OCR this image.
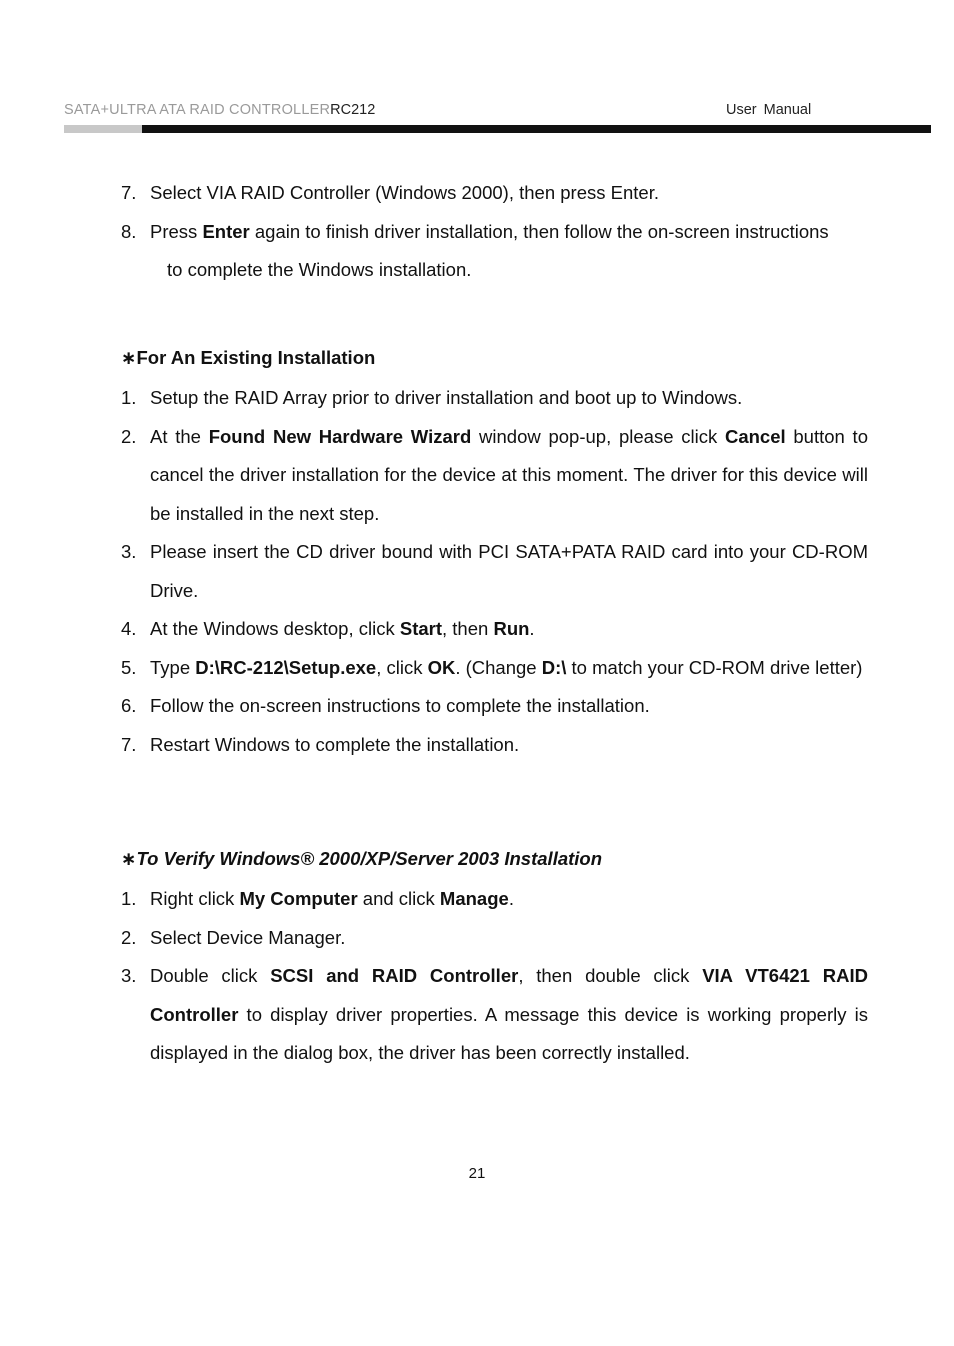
SATA+ULTRA ATA RAID CONTROLLERRC212	User Manual
7. Select VIA RAID Controller (Windows 2000), then press Enter.
8. Press Enter again to finish driver installation, then follow the on-screen instructions
to complete the Windows installation.
∗For An Existing Installation
1. Setup the RAID Array prior to driver installation and boot up to Windows.
2. At the Found New Hardware Wizard window pop-up, please click Cancel button to cancel the driver installation for the device at this moment. The driver for this device will be installed in the next step.
3. Please insert the CD driver bound with PCI SATA+PATA RAID card into your CD-ROM Drive.
4. At the Windows desktop, click Start, then Run.
5. Type D:\RC-212\Setup.exe, click OK. (Change D:\ to match your CD-ROM drive letter)
6. Follow the on-screen instructions to complete the installation.
7. Restart Windows to complete the installation.
∗To Verify Windows® 2000/XP/Server 2003 Installation
1. Right click My Computer and click Manage.
2. Select Device Manager.
3. Double click SCSI and RAID Controller, then double click VIA VT6421 RAID Controller to display driver properties. A message this device is working properly is displayed in the dialog box, the driver has been correctly installed.
21
